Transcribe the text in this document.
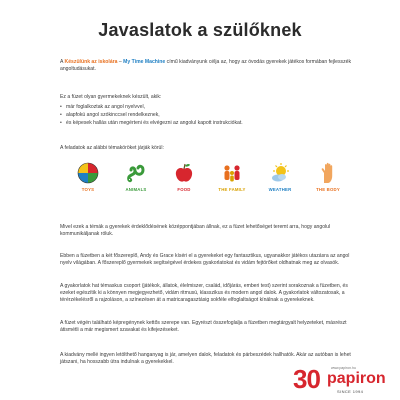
Javaslatok a szülőknek
A Készülünk az iskolára – My Time Machine című kiadványunk célja az, hogy az óvodás gyerekek játékos formában fejlesszék angoltudásukat.
Ez a füzet olyan gyermekeknek készült, akik:
• már foglalkoztak az angol nyelvvel,
• alapfokú angol szókinccsel rendelkeznek,
• és képesek hallás után megérteni és elvégezni az angolul kapott instrukciókat.
A feladatok az alábbi témaköröket járják körül:
TOYS	ANIMALS	FOOD	THE FAMILY	WEATHER	THE BODY
Mivel ezek a témák a gyerekek érdeklődésének középpontjában állnak, ez a füzet lehetőséget teremt arra, hogy angolul kommunikáljanak róluk.
Ebben a füzetben a két főszereplő, Andy és Grace kíséri el a gyerekeket egy fantasztikus, ugyanakkor játékos utazásra az angol nyelv világában. A főszereplő gyermekek segítségével érdekes gyakorlatokat és vidám fejtörőket oldhatnak meg az olvasók.
A gyakorlatok hat témaskus csoport (játékok, állatok, élelmiszer, család, időjárás, emberi test) szerint sorakoznak a füzetben, és ezeket egészítik ki a könnyen megjegyezhető, vidám ritmusú, klasszikus és modern angol dalok. A gyakorlatok változatosak, a térérzékelésről a rajzoláson, a színezésen át a matricaragasztásig sokféle elfoglaltságot kínálnak a gyerekeknek.
A füzet végén található képregénynek kettős szerepe van. Egyrészt összefoglalja a füzetben megtárgyalt helyzeteket, másrészt átismétli a már megismert szavakat és kifejezéseket.
A kiadvány mellé ingyen letölthető hanganyag is jár, amelyen dalok, feladatok és párbeszédek hallhatók. Akár az autóban is lehet játszani, ha hosszabb útra indulnak a gyerekekkel.
30	www.papiron.hu
papiron
SINCE 1994
